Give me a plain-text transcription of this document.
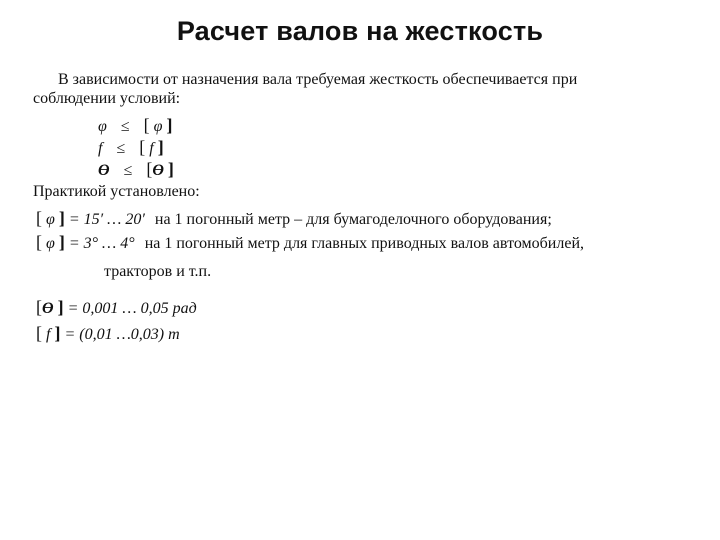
Расчет валов на жесткость
В зависимости от назначения вала требуемая жесткость обеспечивается при
соблюдении условий:
φ ≤ [ φ ]
f ≤ [ f ]
Ө ≤ [Ө ]
Практикой установлено:
[ φ ] = 15′ … 20′ на 1 погонный метр – для бумагоделочного оборудования;
[ φ ] = 3° … 4° на 1 погонный метр для главных приводных валов автомобилей,
тракторов и т.п.
[Ө ] = 0,001 … 0,05 рад
[ f ] = (0,01 …0,03) m
